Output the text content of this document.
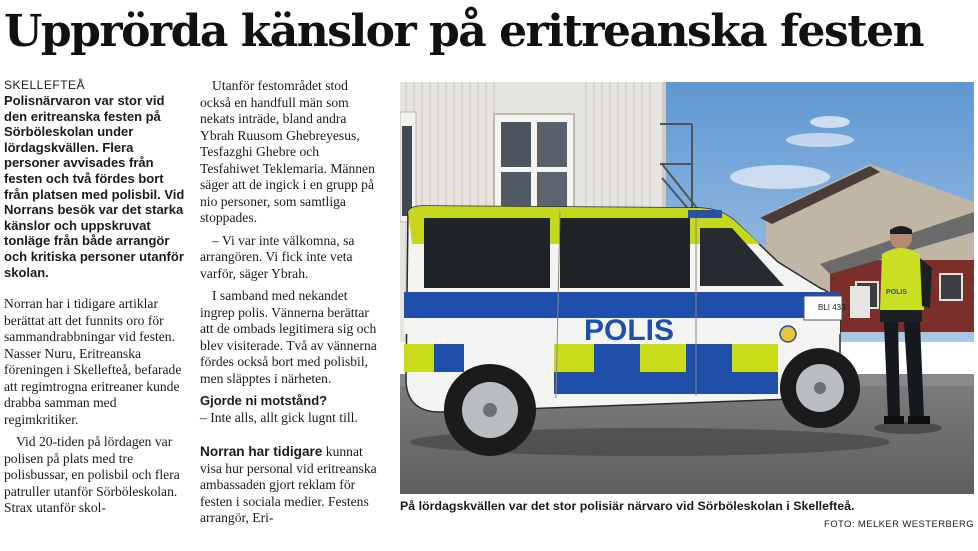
Upprörda känslor på eritreanska festen
SKELLEFTEÅ
Polisnärvaron var stor vid den eritreanska festen på Sörböleskolan under lördagskvällen. Flera personer avvisades från festen och två fördes bort från platsen med polisbil. Vid Norrans besök var det starka känslor och uppskruvat tonläge från både arrangör och kritiska personer utanför skolan.

Norran har i tidigare artiklar berättat att det funnits oro för sammandrabbningar vid festen. Nasser Nuru, Eritreanska föreningen i Skellefteå, befarade att regimtrogna eritreaner kunde drabba samman med regimkritiker.

Vid 20-tiden på lördagen var polisen på plats med tre polisbussar, en polisbil och flera patruller utanför Sörböleskolan. Strax utanför skol-

Utanför festområdet stod också en handfull män som nekats inträde, bland andra Ybrah Ruusom Ghebreyesus, Tesfazghi Ghebre och Tesfahiwet Teklemaria. Männen säger att de ingick i en grupp på nio personer, som samtliga stoppades.

– Vi var inte välkomna, sa arrangören. Vi fick inte veta varför, säger Ybrah.

I samband med nekandet ingrep polis. Vännerna berättar att de ombads legitimera sig och blev visiterade. Två av vännerna fördes också bort med polisbil, men släpptes i närheten.

Gjorde ni motstånd?

– Inte alls, allt gick lugnt till.

Norran har tidigare kunnat visa hur personal vid eritreanska ambassaden gjort reklam för festen i sociala medier. Festens arrangör, Eri-

POLIS
BLI 433
POLIS
På lördagskvällen var det stor polisiär närvaro vid Sörböleskolan i Skellefteå.
FOTO: MELKER WESTERBERG
